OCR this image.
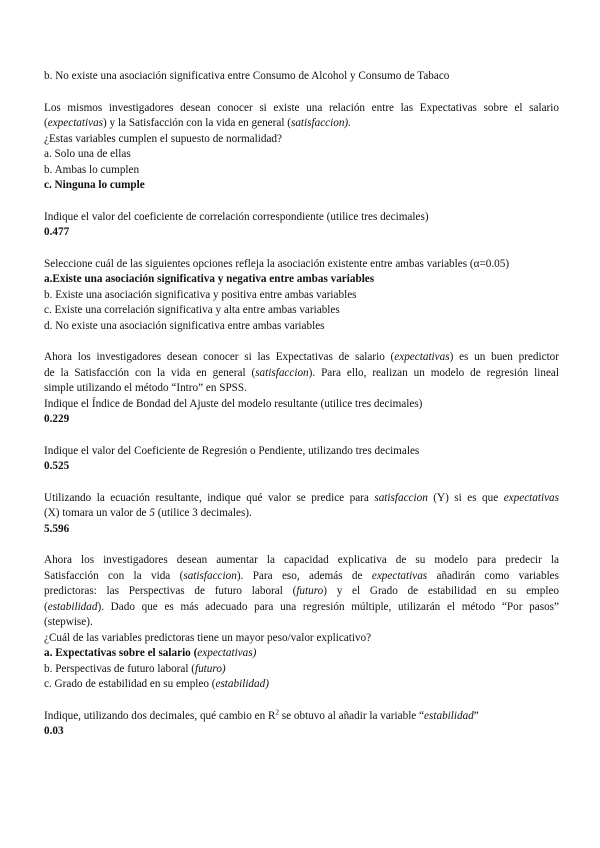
b. No existe una asociación significativa entre Consumo de Alcohol y Consumo de Tabaco

Los mismos investigadores desean conocer si existe una relación entre las Expectativas sobre el salario

(expectativas) y la Satisfacción con la vida en general (satisfaccion).

¿Estas variables cumplen el supuesto de normalidad?

a. Solo una de ellas

b. Ambas lo cumplen

c. Ninguna lo cumple

Indique el valor del coeficiente de correlación correspondiente (utilice tres decimales)

0.477

Seleccione cuál de las siguientes opciones refleja la asociación existente entre ambas variables (α=0.05)

a.Existe una asociación significativa y negativa entre ambas variables

b. Existe una asociación significativa y positiva entre ambas variables

c. Existe una correlación significativa y alta entre ambas variables

d. No existe una asociación significativa entre ambas variables

Ahora los investigadores desean conocer si las Expectativas de salario (expectativas) es un buen predictor

de la Satisfacción con la vida en general (satisfaccion). Para ello, realizan un modelo de regresión lineal

simple utilizando el método “Intro” en SPSS.

Indique el Índice de Bondad del Ajuste del modelo resultante (utilice tres decimales)

0.229

Indique el valor del Coeficiente de Regresión o Pendiente, utilizando tres decimales

0.525

Utilizando la ecuación resultante, indique qué valor se predice para satisfaccion (Y) si es que expectativas

(X) tomara un valor de 5 (utilice 3 decimales).

5.596

Ahora los investigadores desean aumentar la capacidad explicativa de su modelo para predecir la

Satisfacción con la vida (satisfaccion). Para eso, además de expectativas añadirán como variables

predictoras: las Perspectivas de futuro laboral (futuro) y el Grado de estabilidad en su empleo

(estabilidad). Dado que es más adecuado para una regresión múltiple, utilizarán el método “Por pasos”

(stepwise).

¿Cuál de las variables predictoras tiene un mayor peso/valor explicativo?

a. Expectativas sobre el salario (expectativas)

b. Perspectivas de futuro laboral (futuro)

c. Grado de estabilidad en su empleo (estabilidad)

Indique, utilizando dos decimales, qué cambio en $R^2$ se obtuvo al añadir la variable “estabilidad”

0.03
